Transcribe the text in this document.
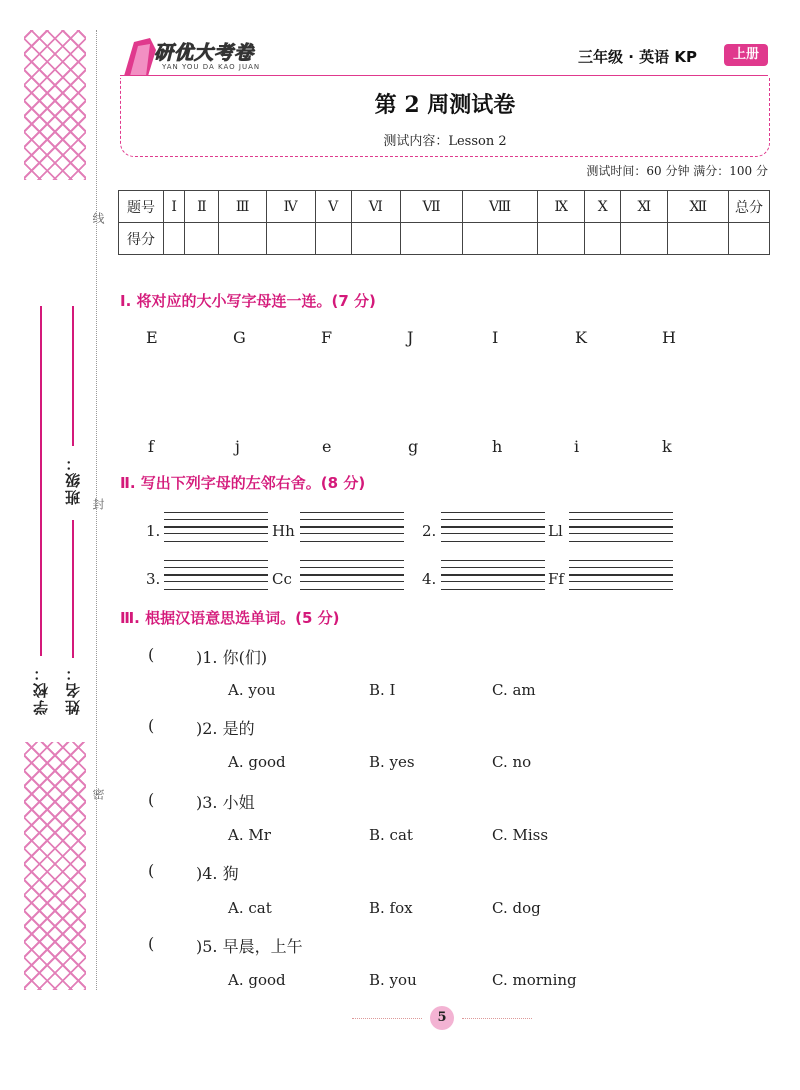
线
封
密
学校： 姓名：
班级：
研优大考卷
YAN YOU DA KAO JUAN
三年级 · 英语 KP	上册
第 2 周测试卷
测试内容：Lesson 2
测试时间：60 分钟 满分：100 分
题号	Ⅰ	Ⅱ	Ⅲ	Ⅳ	Ⅴ	Ⅵ	Ⅶ	Ⅷ	Ⅸ	Ⅹ	Ⅺ	Ⅻ	总分
得分													
Ⅰ. 将对应的大小写字母连一连。(7 分)
E	G	F	J	I	K	H
f	j	e	g	h	i	k
Ⅱ. 写出下列字母的左邻右舍。(8 分)
1.	Hh	2.	Ll
3.	Cc	4.	Ff
Ⅲ. 根据汉语意思选单词。(5 分)
(	)1. 你(们)
A. you	B. I	C. am
(	)2. 是的
A. good	B. yes	C. no
(	)3. 小姐
A. Mr	B. cat	C. Miss
(	)4. 狗
A. cat	B. fox	C. dog
(	)5. 早晨，上午
A. good	B. you	C. morning
5
